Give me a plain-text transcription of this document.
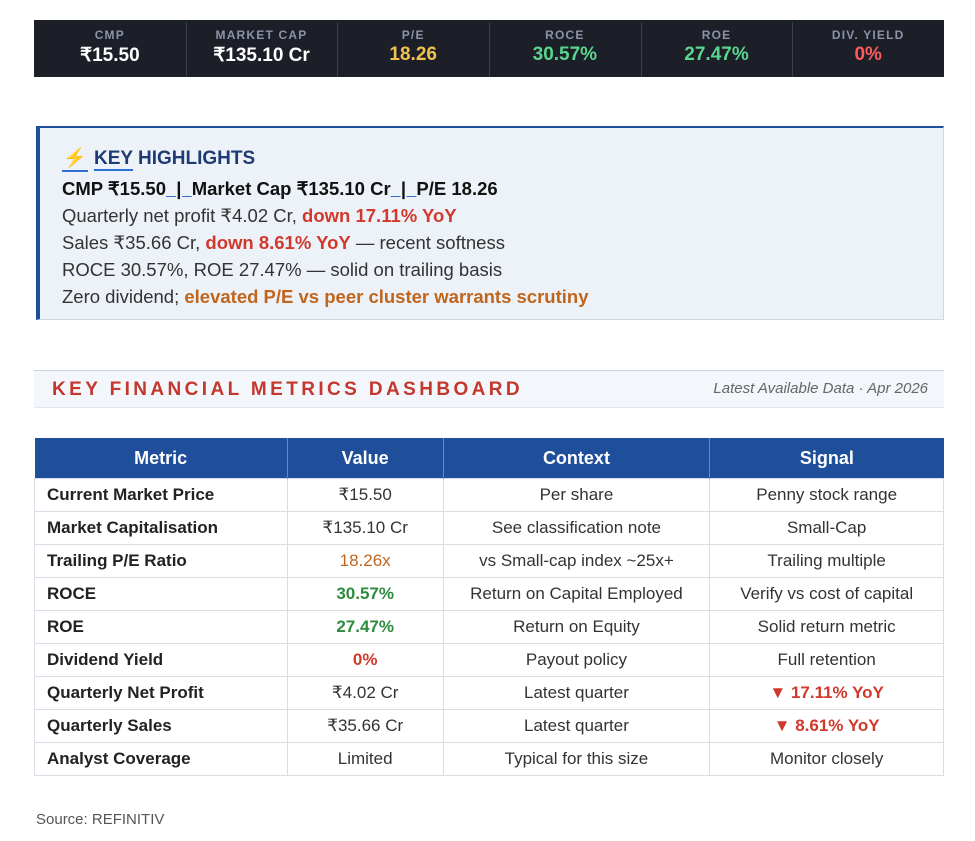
CMP
₹15.50
MARKET CAP
₹135.10 Cr
P/E
18.26
ROCE
30.57%
ROE
27.47%
DIV. YIELD
0%
⚡ KEY HIGHLIGHTS
CMP ₹15.50  |  Market Cap ₹135.10 Cr  |  P/E 18.26
Quarterly net profit ₹4.02 Cr, down 17.11% YoY
Sales ₹35.66 Cr, down 8.61% YoY — recent softness
ROCE 30.57%, ROE 27.47% — solid on trailing basis
Zero dividend; elevated P/E vs peer cluster warrants scrutiny
KEY FINANCIAL METRICS DASHBOARD	Latest Available Data · Apr 2026
Metric	Value	Context	Signal
Current Market Price	₹15.50	Per share	Penny stock range
Market Capitalisation	₹135.10 Cr	See classification note	Small-Cap
Trailing P/E Ratio	18.26x	vs Small-cap index ~25x+	Trailing multiple
ROCE	30.57%	Return on Capital Employed	Verify vs cost of capital
ROE	27.47%	Return on Equity	Solid return metric
Dividend Yield	0%	Payout policy	Full retention
Quarterly Net Profit	₹4.02 Cr	Latest quarter	▼ 17.11% YoY
Quarterly Sales	₹35.66 Cr	Latest quarter	▼ 8.61% YoY
Analyst Coverage	Limited	Typical for this size	Monitor closely
Source: REFINITIV
